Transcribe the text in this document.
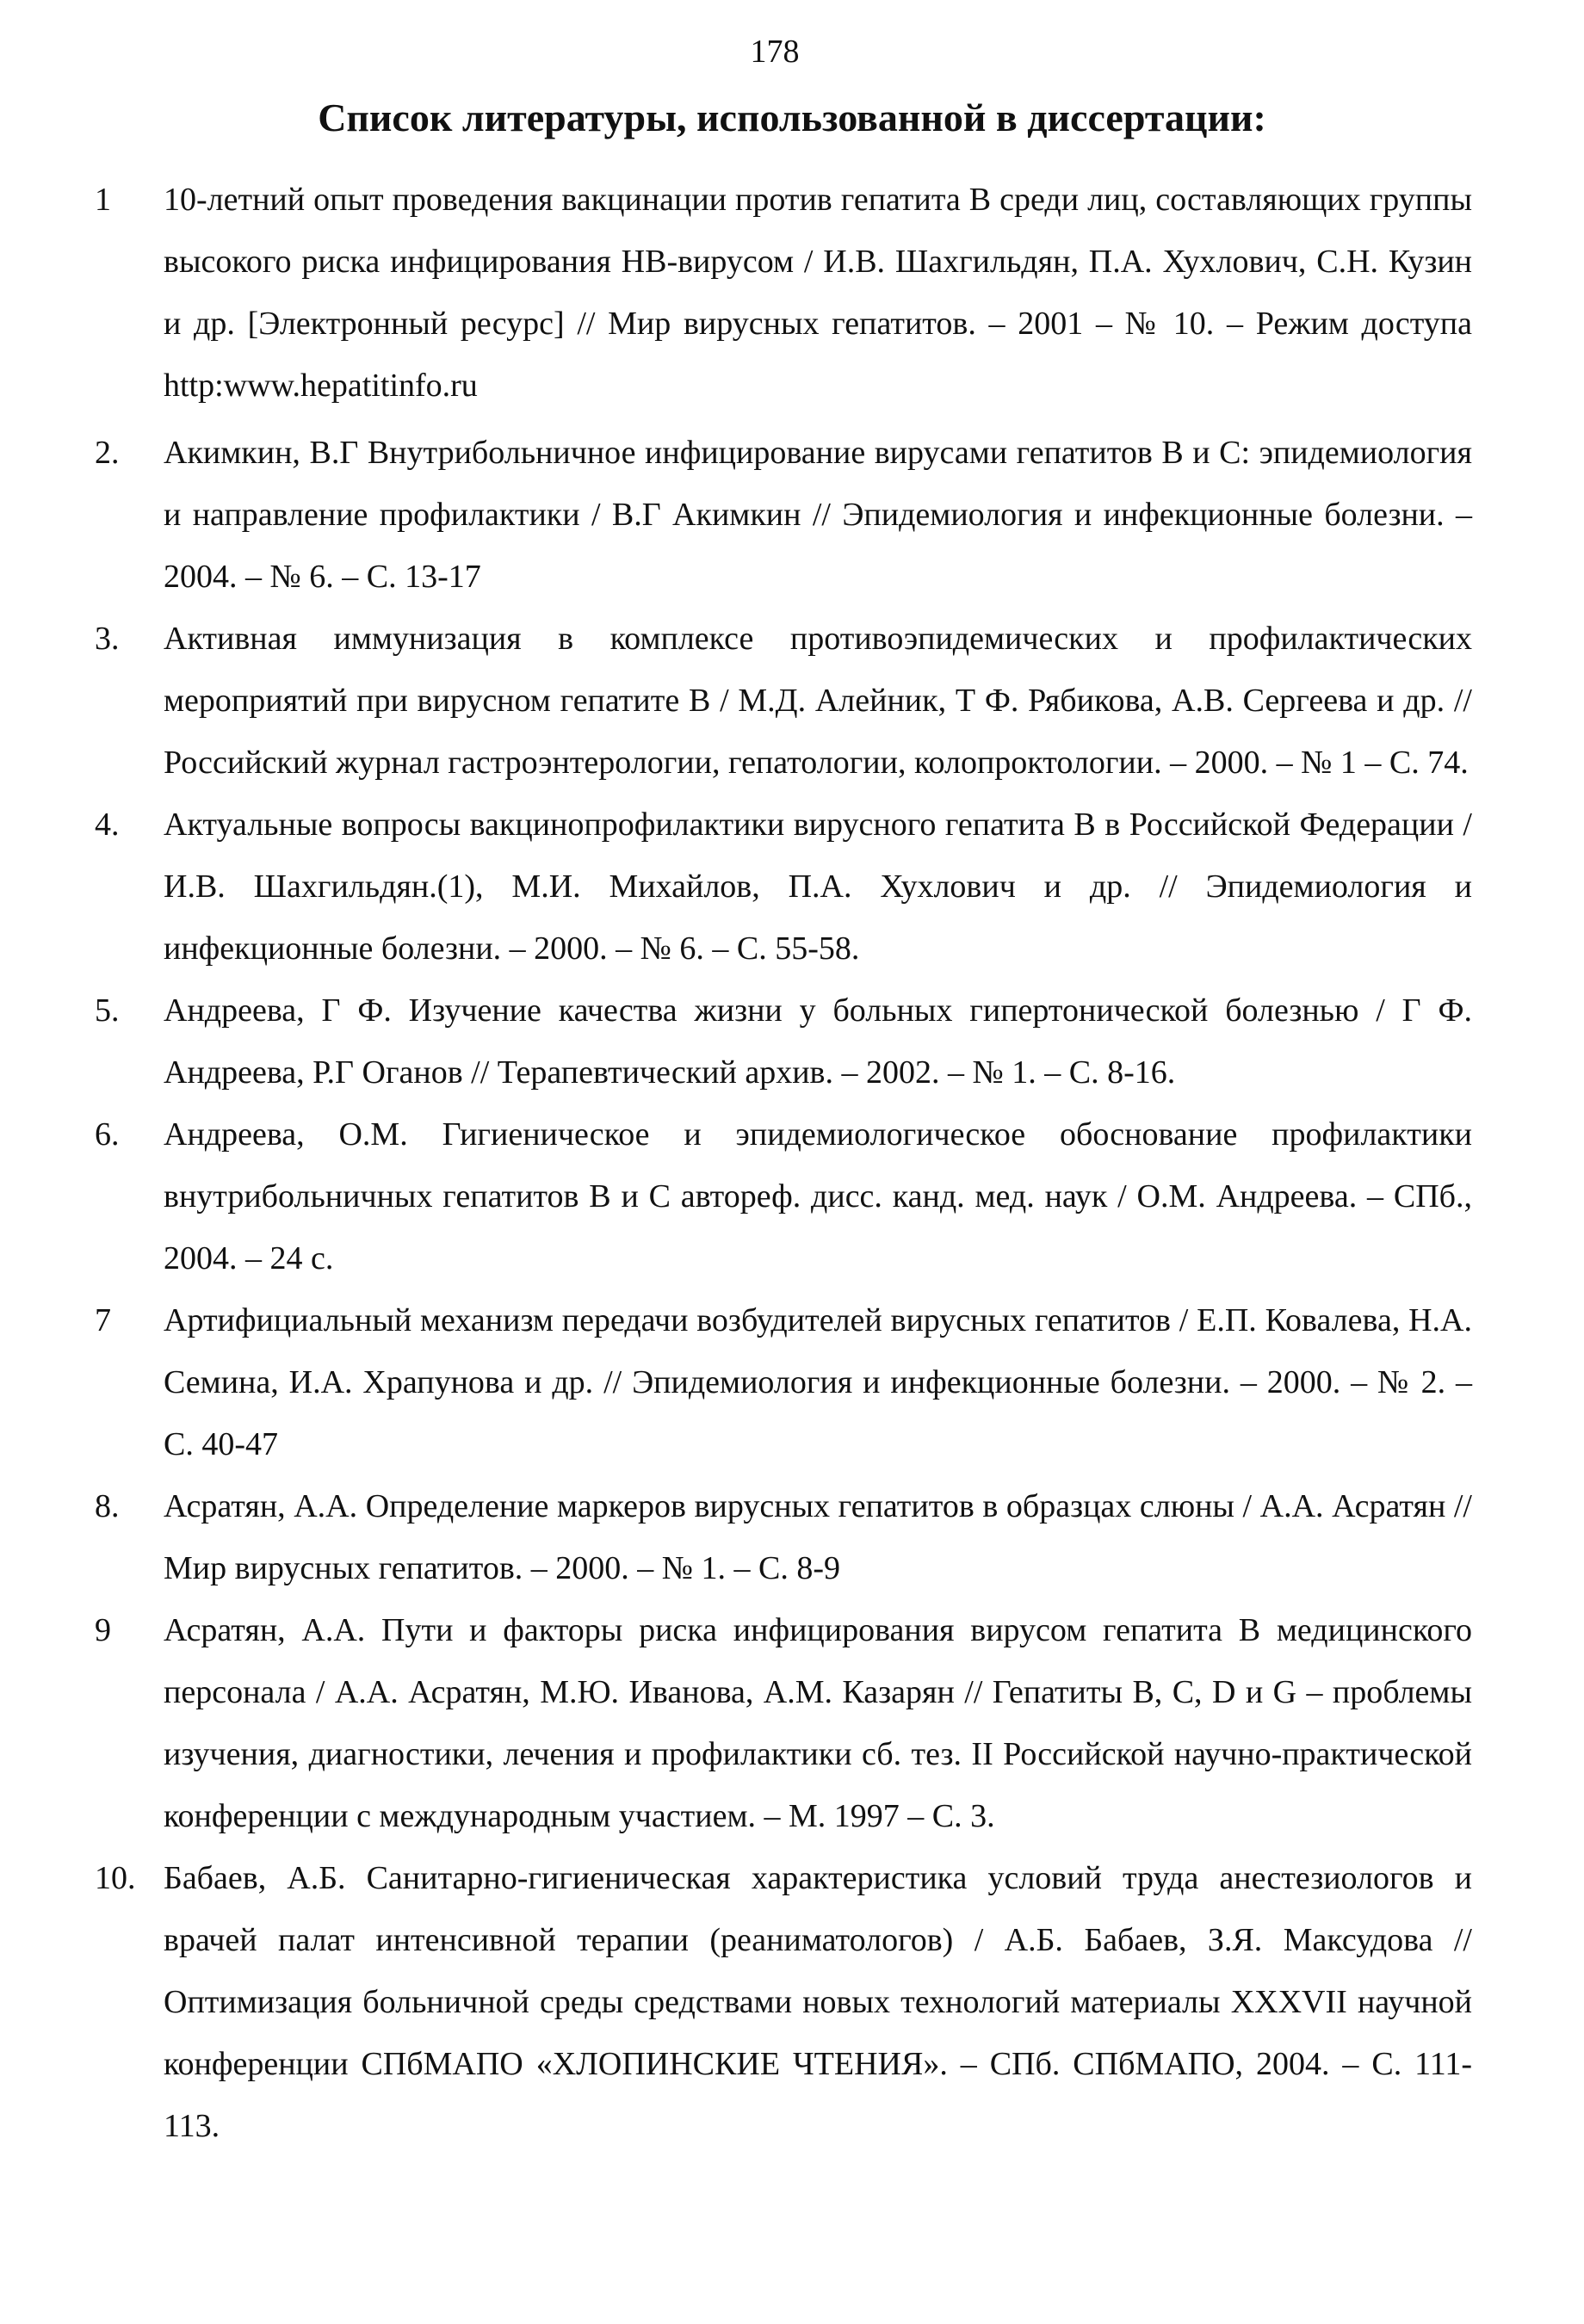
178
Список литературы, использованной в диссертации:
1	10-летний опыт проведения вакцинации против гепатита В среди лиц, составляющих группы высокого риска инфицирования НВ-вирусом / И.В. Шахгильдян, П.А. Хухлович, С.Н. Кузин и др. [Электронный ресурс] // Мир вирусных гепатитов. – 2001 – № 10. – Режим доступа http:www.hepatitinfo.ru
2.	Акимкин, В.Г Внутрибольничное инфицирование вирусами гепатитов В и С: эпидемиология и направление профилактики / В.Г Акимкин // Эпидемиология и инфекционные болезни. – 2004. – № 6. – С. 13-17
3.	Активная иммунизация в комплексе противоэпидемических и профилактических мероприятий при вирусном гепатите В / М.Д. Алейник, Т Ф. Рябикова, А.В. Сергеева и др. // Российский журнал гастроэнтерологии, гепатологии, колопроктологии. – 2000. – № 1 – С. 74.
4.	Актуальные вопросы вакцинопрофилактики вирусного гепатита В в Российской Федерации / И.В. Шахгильдян.(1), М.И. Михайлов, П.А. Хухлович и др. // Эпидемиология и инфекционные болезни. – 2000. – № 6. – С. 55-58.
5.	Андреева, Г Ф. Изучение качества жизни у больных гипертонической болезнью / Г Ф. Андреева, Р.Г Оганов // Терапевтический архив. – 2002. – № 1. – С. 8-16.
6.	Андреева, О.М. Гигиеническое и эпидемиологическое обоснование профилактики внутрибольничных гепатитов В и С автореф. дисс. канд. мед. наук / О.М. Андреева. – СПб., 2004. – 24 с.
7	Артифициальный механизм передачи возбудителей вирусных гепатитов / Е.П. Ковалева, Н.А. Семина, И.А. Храпунова и др. // Эпидемиология и инфекционные болезни. – 2000. – № 2. – С. 40-47
8.	Асратян, А.А. Определение маркеров вирусных гепатитов в образцах слюны / А.А. Асратян // Мир вирусных гепатитов. – 2000. – № 1. – С. 8-9
9	Асратян, А.А. Пути и факторы риска инфицирования вирусом гепатита В медицинского персонала / А.А. Асратян, М.Ю. Иванова, А.М. Казарян // Гепатиты B, C, D и G – проблемы изучения, диагностики, лечения и профилактики сб. тез. II Российской научно-практической конференции с международным участием. – М. 1997 – С. 3.
10. Бабаев, А.Б. Санитарно-гигиеническая характеристика условий труда анестезиологов и врачей палат интенсивной терапии (реаниматологов) / А.Б. Бабаев, З.Я. Максудова // Оптимизация больничной среды средствами новых технологий материалы XXXVII научной конференции СПбМАПО «ХЛОПИНСКИЕ ЧТЕНИЯ». – СПб. СПбМАПО, 2004. – С. 111-113.
